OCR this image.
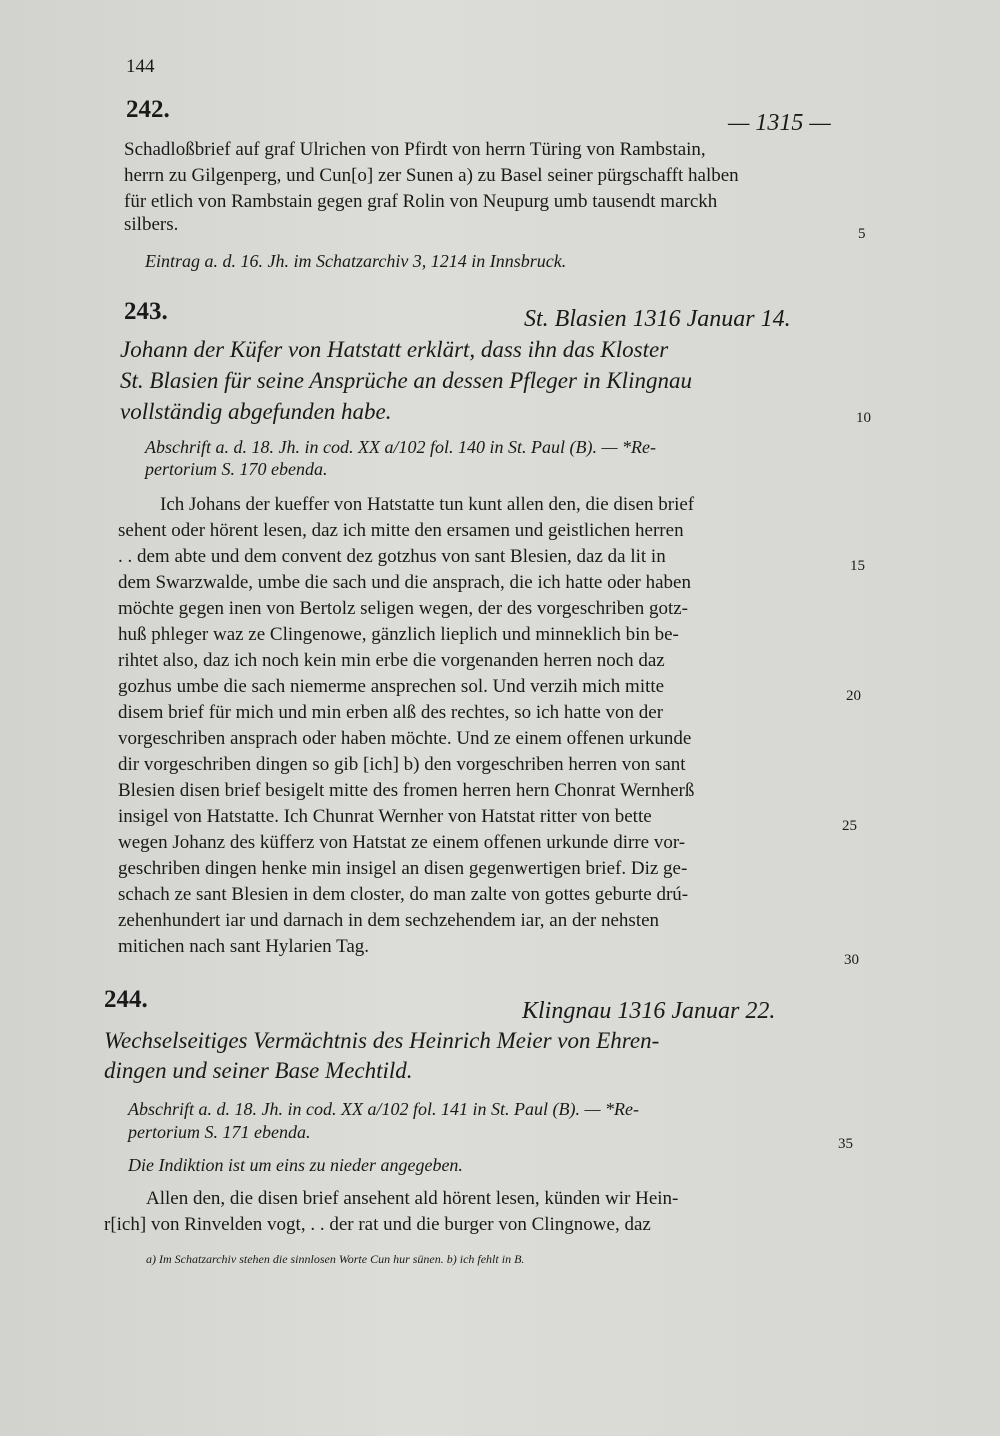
144
242.	— 1315 —
Schadloßbrief auf graf Ulrichen von Pfirdt von herrn Türing von Rambstain,
herrn zu Gilgenperg, und Cun[o] zer Sunen a) zu Basel seiner pürgschafft halben
für etlich von Rambstain gegen graf Rolin von Neupurg umb tausendt marckh
silbers.
Eintrag a. d. 16. Jh. im Schatzarchiv 3, 1214 in Innsbruck.
243.	St. Blasien 1316 Januar 14.
Johann der Küfer von Hatstatt erklärt, dass ihn das Kloster
St. Blasien für seine Ansprüche an dessen Pfleger in Klingnau
vollständig abgefunden habe.
Abschrift a. d. 18. Jh. in cod. XX a/102 fol. 140 in St. Paul (B). — *Re-
pertorium S. 170 ebenda.
Ich Johans der kueffer von Hatstatte tun kunt allen den, die disen brief
sehent oder hörent lesen, daz ich mitte den ersamen und geistlichen herren
. . dem abte und dem convent dez gotzhus von sant Blesien, daz da lit in
dem Swarzwalde, umbe die sach und die ansprach, die ich hatte oder haben
möchte gegen inen von Bertolz seligen wegen, der des vorgeschriben gotz-
huß phleger waz ze Clingenowe, gänzlich lieplich und minneklich bin be-
rihtet also, daz ich noch kein min erbe die vorgenanden herren noch daz
gozhus umbe die sach niemerme ansprechen sol. Und verzih mich mitte
disem brief für mich und min erben alß des rechtes, so ich hatte von der
vorgeschriben ansprach oder haben möchte. Und ze einem offenen urkunde
dir vorgeschriben dingen so gib [ich] b) den vorgeschriben herren von sant
Blesien disen brief besigelt mitte des fromen herren hern Chonrat Wernherß
insigel von Hatstatte. Ich Chunrat Wernher von Hatstat ritter von bette
wegen Johanz des küfferz von Hatstat ze einem offenen urkunde dirre vor-
geschriben dingen henke min insigel an disen gegenwertigen brief. Diz ge-
schach ze sant Blesien in dem closter, do man zalte von gottes geburte drú-
zehenhundert iar und darnach in dem sechzehendem iar, an der nehsten
mitichen nach sant Hylarien Tag.
244.	Klingnau 1316 Januar 22.
Wechselseitiges Vermächtnis des Heinrich Meier von Ehren-
dingen und seiner Base Mechtild.
Abschrift a. d. 18. Jh. in cod. XX a/102 fol. 141 in St. Paul (B). — *Re-
pertorium S. 171 ebenda.
Die Indiktion ist um eins zu nieder angegeben.
Allen den, die disen brief ansehent ald hörent lesen, künden wir Hein-
r[ich] von Rinvelden vogt, . . der rat und die burger von Clingnowe, daz
5
10
15
20
25
30
35
a) Im Schatzarchiv stehen die sinnlosen Worte Cun hur sünen. b) ich fehlt in B.
